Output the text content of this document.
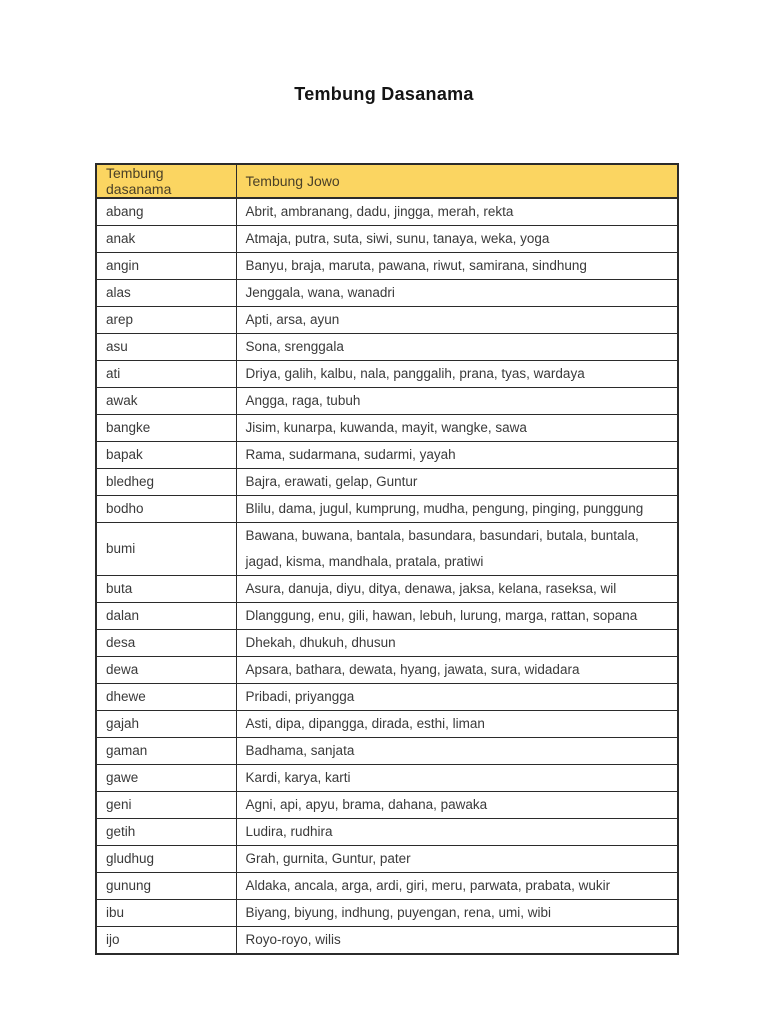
Tembung Dasanama
Tembung dasanama	Tembung Jowo
abang	Abrit, ambranang, dadu, jingga, merah, rekta
anak	Atmaja, putra, suta, siwi, sunu, tanaya, weka, yoga
angin	Banyu, braja, maruta, pawana, riwut, samirana, sindhung
alas	Jenggala, wana, wanadri
arep	Apti, arsa, ayun
asu	Sona, srenggala
ati	Driya, galih, kalbu, nala, panggalih, prana, tyas, wardaya
awak	Angga, raga, tubuh
bangke	Jisim, kunarpa, kuwanda, mayit, wangke, sawa
bapak	Rama, sudarmana, sudarmi, yayah
bledheg	Bajra, erawati, gelap, Guntur
bodho	Blilu, dama, jugul, kumprung, mudha, pengung, pinging, punggung
bumi	Bawana, buwana, bantala, basundara, basundari, butala, buntala, jagad, kisma, mandhala, pratala, pratiwi
buta	Asura, danuja, diyu, ditya, denawa, jaksa, kelana, raseksa, wil
dalan	Dlanggung, enu, gili, hawan, lebuh, lurung, marga, rattan, sopana
desa	Dhekah, dhukuh, dhusun
dewa	Apsara, bathara, dewata, hyang, jawata, sura, widadara
dhewe	Pribadi, priyangga
gajah	Asti, dipa, dipangga, dirada, esthi, liman
gaman	Badhama, sanjata
gawe	Kardi, karya, karti
geni	Agni, api, apyu, brama, dahana, pawaka
getih	Ludira, rudhira
gludhug	Grah, gurnita, Guntur, pater
gunung	Aldaka, ancala, arga, ardi, giri, meru, parwata, prabata, wukir
ibu	Biyang, biyung, indhung, puyengan, rena, umi, wibi
ijo	Royo-royo, wilis
